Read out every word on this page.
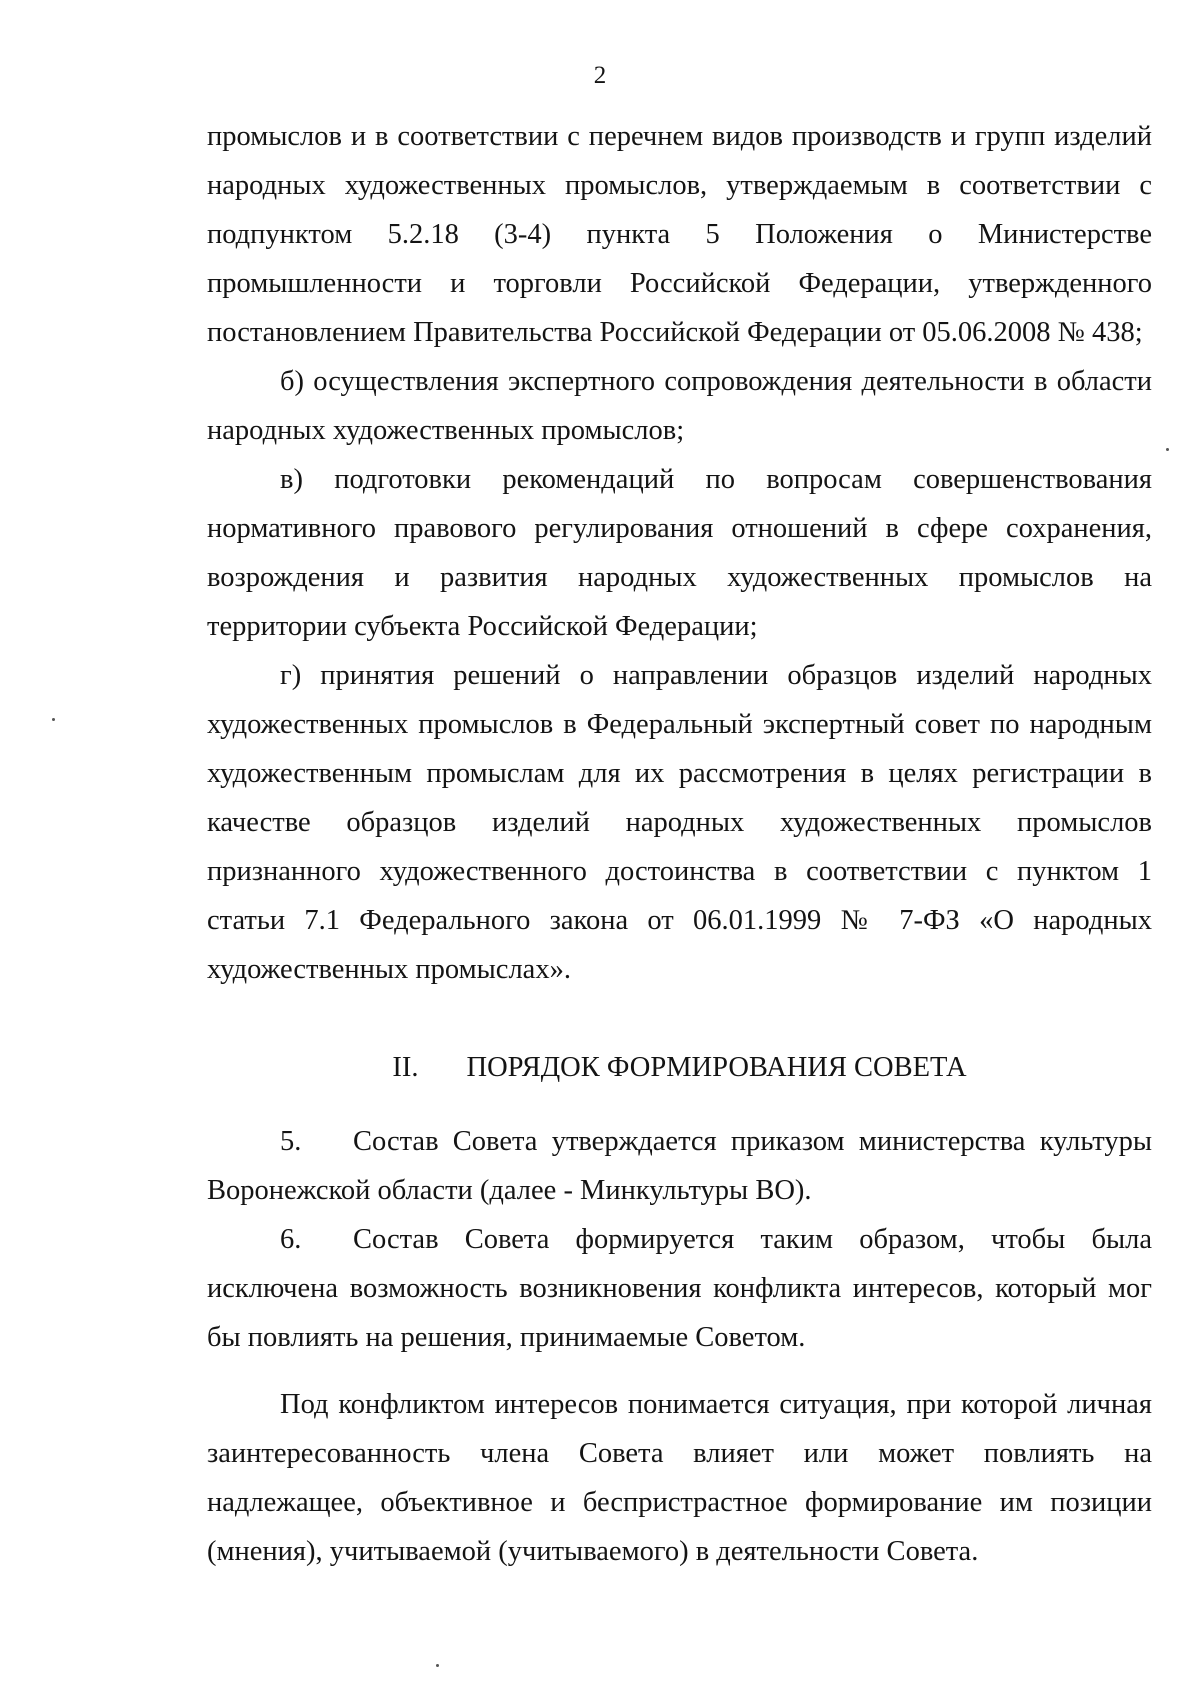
2

промыслов и в соответствии с перечнем видов производств и групп изделий народных художественных промыслов, утверждаемым в соответствии с подпунктом 5.2.18 (3-4) пункта 5 Положения о Министерстве промышленности и торговли Российской Федерации, утвержденного постановлением Правительства Российской Федерации от 05.06.2008 № 438;

б) осуществления экспертного сопровождения деятельности в области народных художественных промыслов;

в) подготовки рекомендаций по вопросам совершенствования нормативного правового регулирования отношений в сфере сохранения, возрождения и развития народных художественных промыслов на территории субъекта Российской Федерации;

г) принятия решений о направлении образцов изделий народных художественных промыслов в Федеральный экспертный совет по народным художественным промыслам для их рассмотрения в целях регистрации в качестве образцов изделий народных художественных промыслов признанного художественного достоинства в соответствии с пунктом 1 статьи 7.1 Федерального закона от 06.01.1999 № 7-ФЗ «О народных художественных промыслах».

II. ПОРЯДОК ФОРМИРОВАНИЯ СОВЕТА

5. Состав Совета утверждается приказом министерства культуры Воронежской области (далее - Минкультуры ВО).

6. Состав Совета формируется таким образом, чтобы была исключена возможность возникновения конфликта интересов, который мог бы повлиять на решения, принимаемые Советом.

Под конфликтом интересов понимается ситуация, при которой личная заинтересованность члена Совета влияет или может повлиять на надлежащее, объективное и беспристрастное формирование им позиции (мнения), учитываемой (учитываемого) в деятельности Совета.
